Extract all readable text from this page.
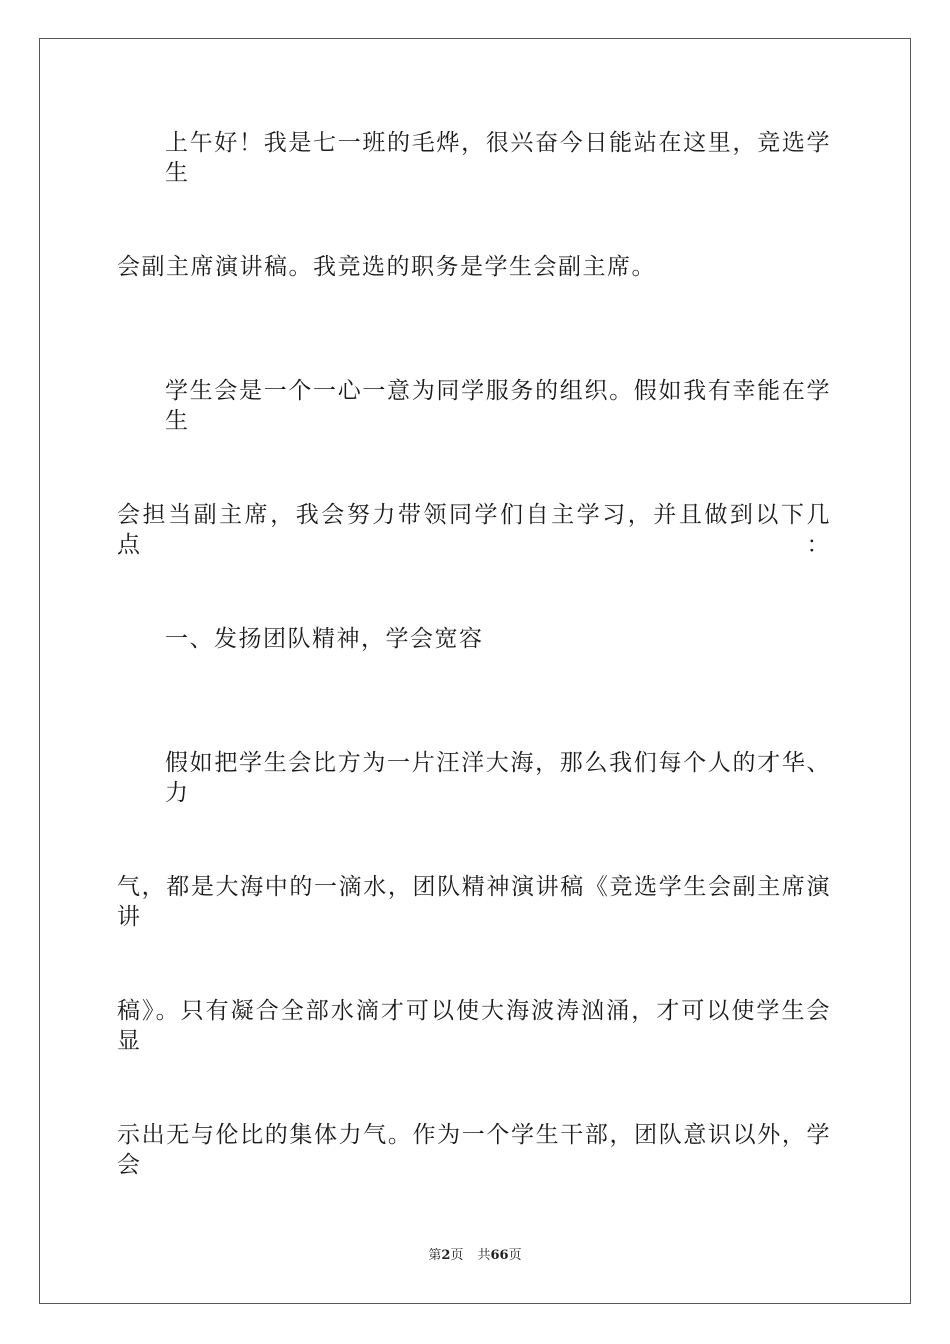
上午好！我是七一班的毛烨，很兴奋今日能站在这里，竞选学生
会副主席演讲稿。我竞选的职务是学生会副主席。
学生会是一个一心一意为同学服务的组织。假如我有幸能在学生
会担当副主席，我会努力带领同学们自主学习，并且做到以下几点：
一、发扬团队精神，学会宽容
假如把学生会比方为一片汪洋大海，那么我们每个人的才华、力
气，都是大海中的一滴水，团队精神演讲稿《竞选学生会副主席演讲
稿》。只有凝合全部水滴才可以使大海波涛汹涌，才可以使学生会显
示出无与伦比的集体力气。作为一个学生干部，团队意识以外，学会
第2页 共66页
